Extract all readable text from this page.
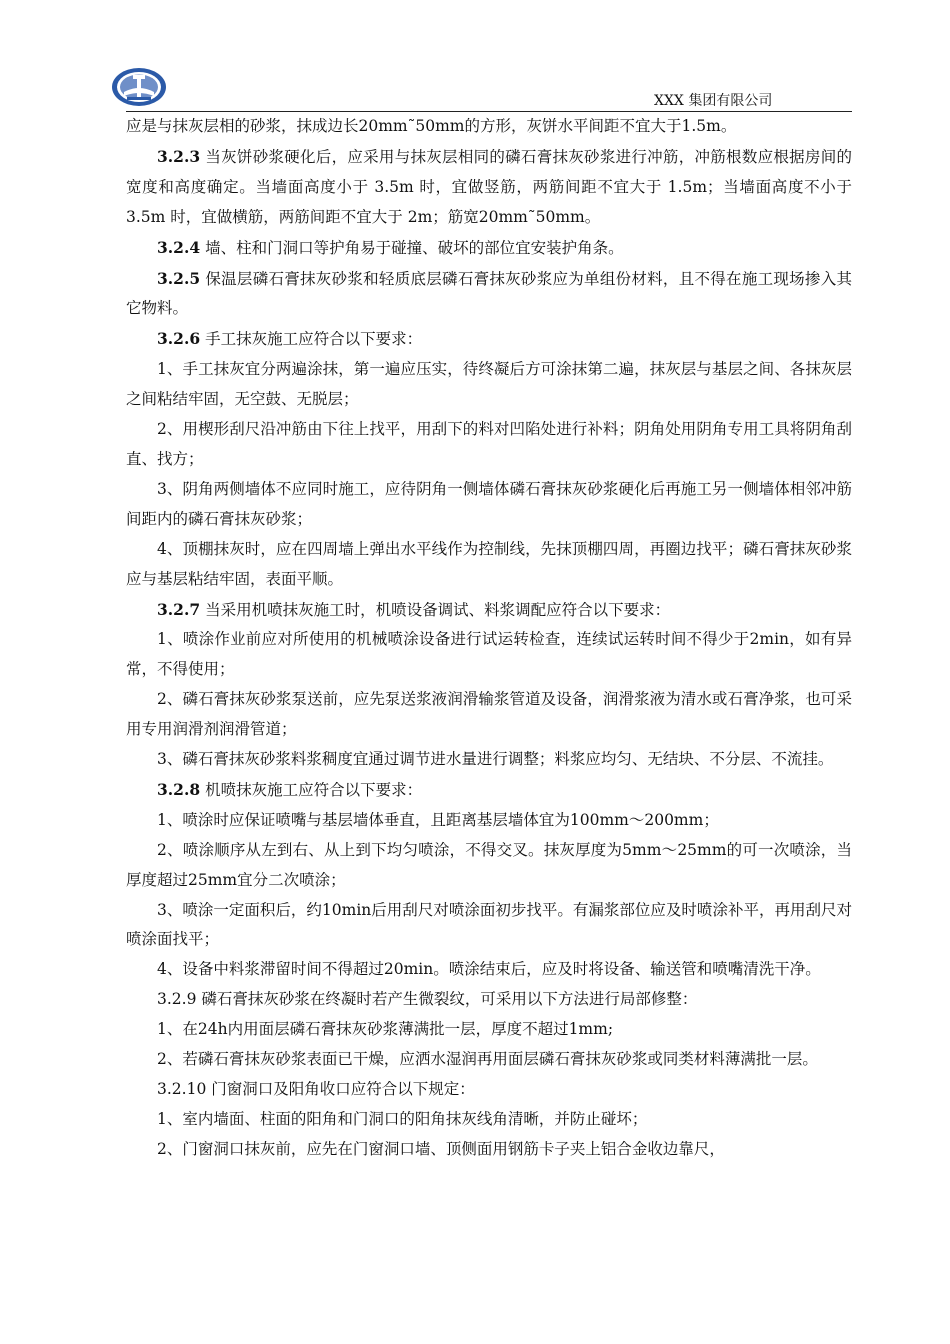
XXX 集团有限公司

应是与抹灰层相的砂浆，抹成边长20mm˜50mm的方形，灰饼水平间距不宜大于1.5m。

3.2.3 当灰饼砂浆硬化后，应采用与抹灰层相同的磷石膏抹灰砂浆进行冲筋，冲筋根数应根据房间的宽度和高度确定。当墙面高度小于 3.5m 时，宜做竖筋，两筋间距不宜大于 1.5m；当墙面高度不小于3.5m 时，宜做横筋，两筋间距不宜大于 2m；筋宽20mm˜50mm。

3.2.4 墙、柱和门洞口等护角易于碰撞、破坏的部位宜安装护角条。

3.2.5 保温层磷石膏抹灰砂浆和轻质底层磷石膏抹灰砂浆应为单组份材料，且不得在施工现场掺入其它物料。

3.2.6 手工抹灰施工应符合以下要求：

1、手工抹灰宜分两遍涂抹，第一遍应压实，待终凝后方可涂抹第二遍，抹灰层与基层之间、各抹灰层之间粘结牢固，无空鼓、无脱层；

2、用楔形刮尺沿冲筋由下往上找平，用刮下的料对凹陷处进行补料；阴角处用阴角专用工具将阴角刮直、找方；

3、阴角两侧墙体不应同时施工，应待阴角一侧墙体磷石膏抹灰砂浆硬化后再施工另一侧墙体相邻冲筋间距内的磷石膏抹灰砂浆；

4、顶棚抹灰时，应在四周墙上弹出水平线作为控制线，先抹顶棚四周，再圈边找平；磷石膏抹灰砂浆应与基层粘结牢固，表面平顺。

3.2.7 当采用机喷抹灰施工时，机喷设备调试、料浆调配应符合以下要求：

1、喷涂作业前应对所使用的机械喷涂设备进行试运转检查，连续试运转时间不得少于2min，如有异常，不得使用；

2、磷石膏抹灰砂浆泵送前，应先泵送浆液润滑输浆管道及设备，润滑浆液为清水或石膏净浆，也可采用专用润滑剂润滑管道；

3、磷石膏抹灰砂浆料浆稠度宜通过调节进水量进行调整；料浆应均匀、无结块、不分层、不流挂。

3.2.8 机喷抹灰施工应符合以下要求：

1、喷涂时应保证喷嘴与基层墙体垂直，且距离基层墙体宜为100mm～200mm；

2、喷涂顺序从左到右、从上到下均匀喷涂，不得交叉。抹灰厚度为5mm～25mm的可一次喷涂，当厚度超过25mm宜分二次喷涂；

3、喷涂一定面积后，约10min后用刮尺对喷涂面初步找平。有漏浆部位应及时喷涂补平，再用刮尺对喷涂面找平；

4、设备中料浆滞留时间不得超过20min。喷涂结束后，应及时将设备、输送管和喷嘴清洗干净。

3.2.9 磷石膏抹灰砂浆在终凝时若产生微裂纹，可采用以下方法进行局部修整：

1、在24h内用面层磷石膏抹灰砂浆薄满批一层，厚度不超过1mm;

2、若磷石膏抹灰砂浆表面已干燥，应洒水湿润再用面层磷石膏抹灰砂浆或同类材料薄满批一层。

3.2.10 门窗洞口及阳角收口应符合以下规定：

1、室内墙面、柱面的阳角和门洞口的阳角抹灰线角清晰，并防止碰坏；

2、门窗洞口抹灰前，应先在门窗洞口墙、顶侧面用钢筋卡子夹上铝合金收边靠尺，
